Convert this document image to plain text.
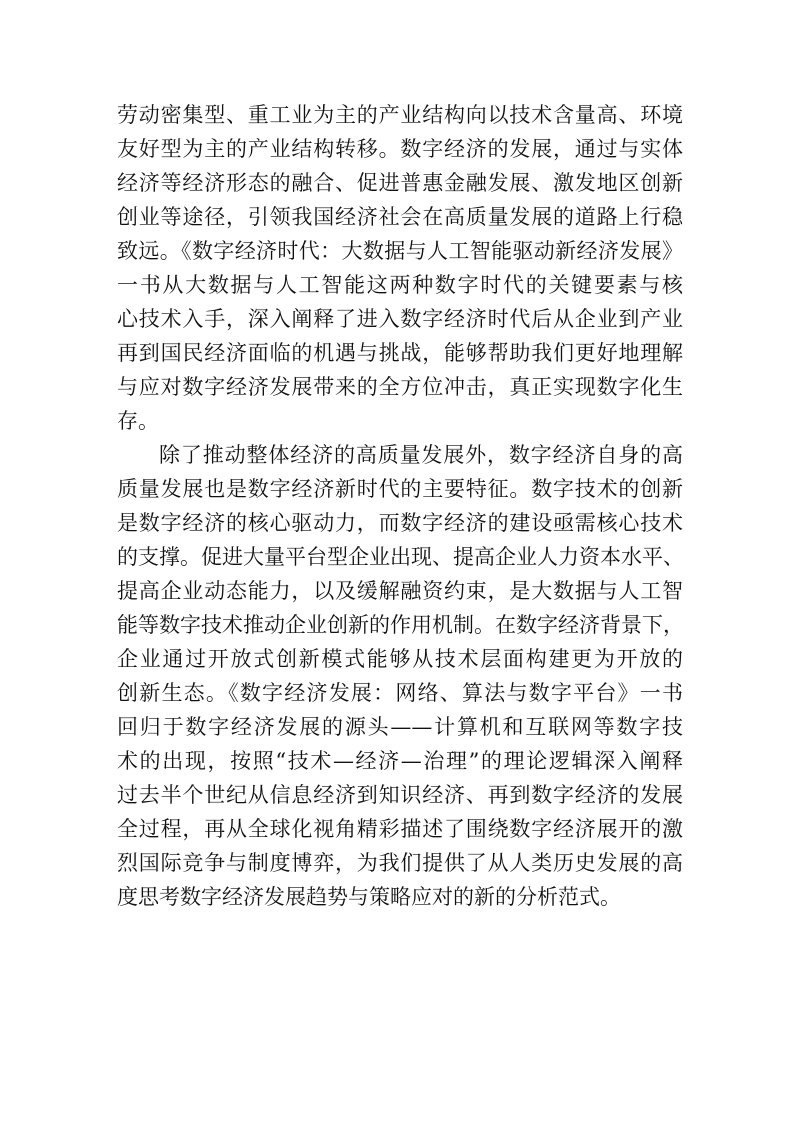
劳动密集型、重工业为主的产业结构向以技术含量高、环境
友好型为主的产业结构转移。数字经济的发展，通过与实体
经济等经济形态的融合、促进普惠金融发展、激发地区创新
创业等途径，引领我国经济社会在高质量发展的道路上行稳
致远。《数字经济时代：大数据与人工智能驱动新经济发展》
一书从大数据与人工智能这两种数字时代的关键要素与核
心技术入手，深入阐释了进入数字经济时代后从企业到产业
再到国民经济面临的机遇与挑战，能够帮助我们更好地理解
与应对数字经济发展带来的全方位冲击，真正实现数字化生
存。
除了推动整体经济的高质量发展外，数字经济自身的高
质量发展也是数字经济新时代的主要特征。数字技术的创新
是数字经济的核心驱动力，而数字经济的建设亟需核心技术
的支撑。促进大量平台型企业出现、提高企业人力资本水平、
提高企业动态能力，以及缓解融资约束，是大数据与人工智
能等数字技术推动企业创新的作用机制。在数字经济背景下，
企业通过开放式创新模式能够从技术层面构建更为开放的
创新生态。《数字经济发展：网络、算法与数字平台》一书
回归于数字经济发展的源头——计算机和互联网等数字技
术的出现，按照“技术—经济—治理”的理论逻辑深入阐释
过去半个世纪从信息经济到知识经济、再到数字经济的发展
全过程，再从全球化视角精彩描述了围绕数字经济展开的激
烈国际竞争与制度博弈，为我们提供了从人类历史发展的高
度思考数字经济发展趋势与策略应对的新的分析范式。
